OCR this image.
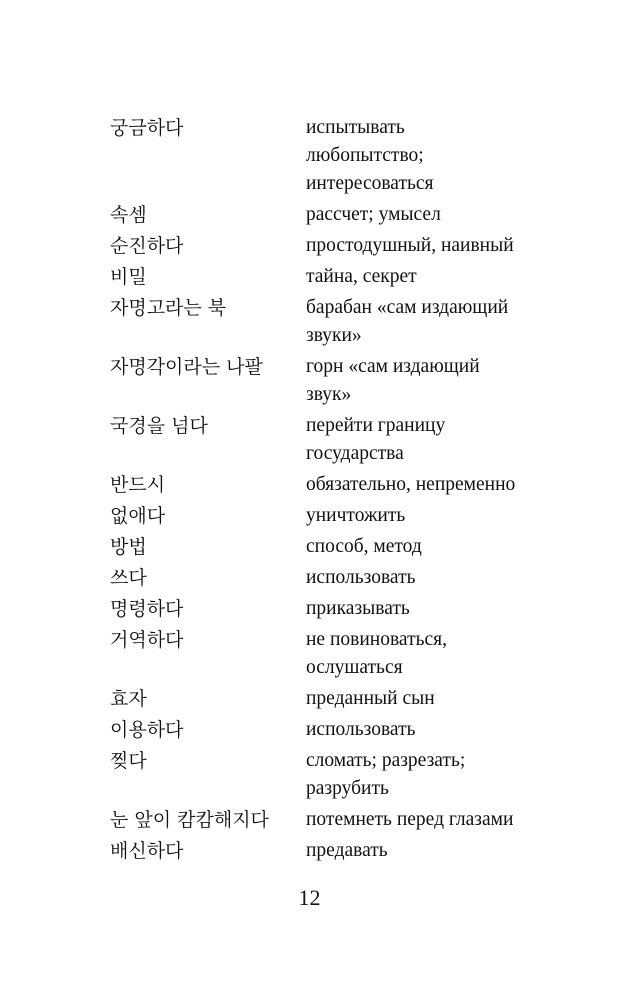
궁금하다	испытывать
любопытство;
интересоваться
속셈	рассчет; умысел
순진하다	простодушный, наивный
비밀	тайна, секрет
자명고라는 북	барабан «сам издающий
звуки»
자명각이라는 나팔	горн «сам издающий
звук»
국경을 넘다	перейти границу
государства
반드시	обязательно, непременно
없애다	уничтожить
방법	способ, метод
쓰다	использовать
명령하다	приказывать
거역하다	не повиноваться,
ослушаться
효자	преданный сын
이용하다	использовать
찢다	сломать; разрезать;
разрубить
눈 앞이 캄캄해지다	потемнеть перед глазами
배신하다	предавать
12
